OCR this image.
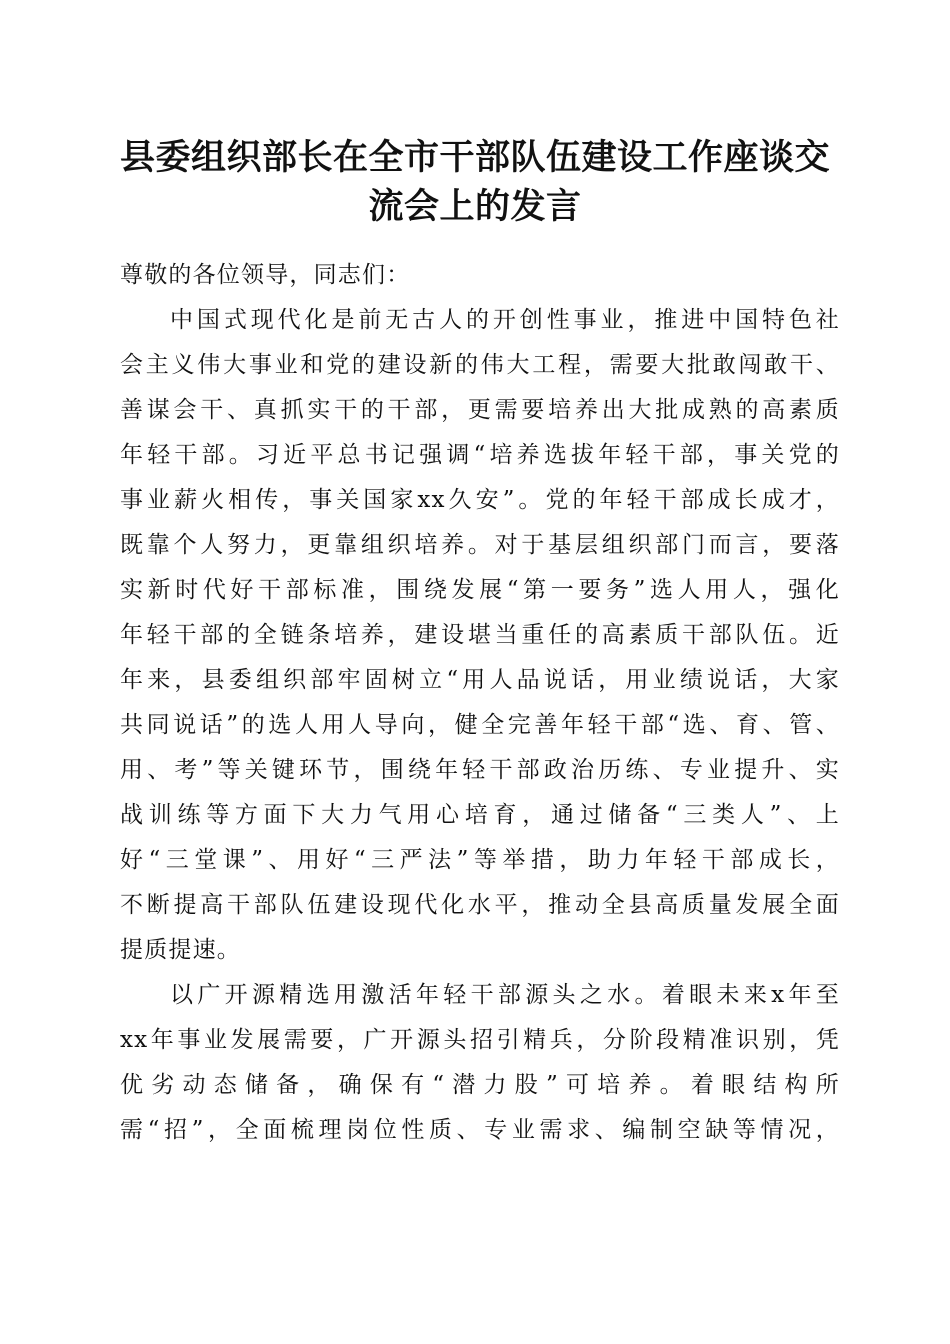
县委组织部长在全市干部队伍建设工作座谈交
流会上的发言
尊敬的各位领导，同志们：
中国式现代化是前无古人的开创性事业，推进中国特色社
会主义伟大事业和党的建设新的伟大工程，需要大批敢闯敢干、
善谋会干、真抓实干的干部，更需要培养出大批成熟的高素质
年轻干部。习近平总书记强调“培养选拔年轻干部，事关党的
事业薪火相传，事关国家xx久安”。党的年轻干部成长成才，
既靠个人努力，更靠组织培养。对于基层组织部门而言，要落
实新时代好干部标准，围绕发展“第一要务”选人用人，强化
年轻干部的全链条培养，建设堪当重任的高素质干部队伍。近
年来，县委组织部牢固树立“用人品说话，用业绩说话，大家
共同说话”的选人用人导向，健全完善年轻干部“选、育、管、
用、考”等关键环节，围绕年轻干部政治历练、专业提升、实
战训练等方面下大力气用心培育，通过储备“三类人”、上
好“三堂课”、用好“三严法”等举措，助力年轻干部成长，
不断提高干部队伍建设现代化水平，推动全县高质量发展全面
提质提速。
以广开源精选用激活年轻干部源头之水。着眼未来x年至
xx年事业发展需要，广开源头招引精兵，分阶段精准识别，凭
优劣动态储备，确保有“潜力股”可培养。着眼结构所
需“招”，全面梳理岗位性质、专业需求、编制空缺等情况，
